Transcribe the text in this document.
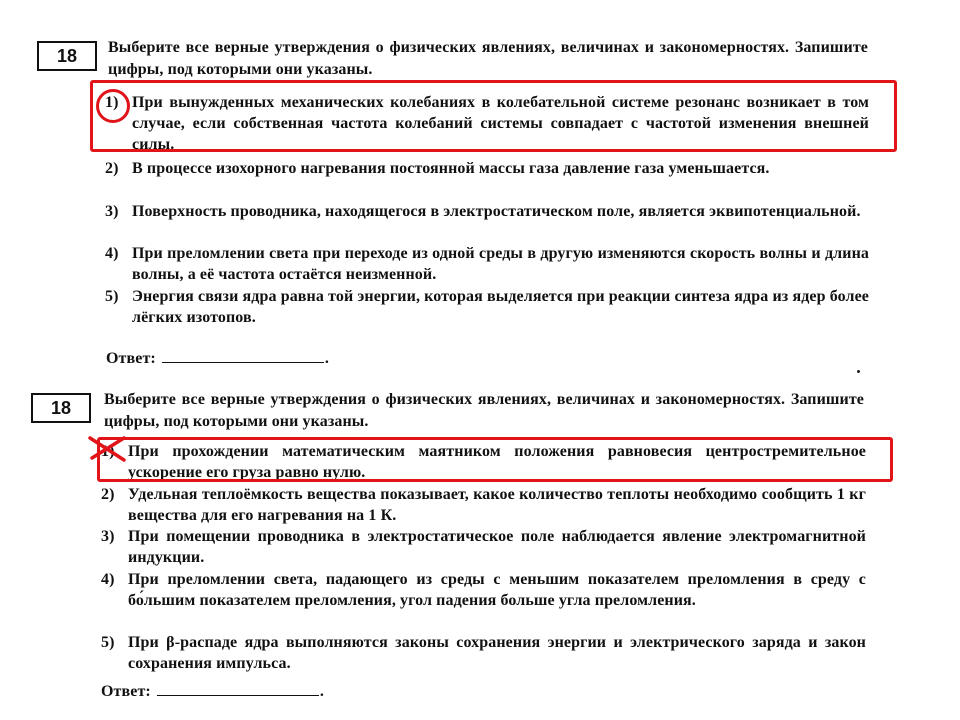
18	Выберите все верные утверждения о физических явлениях, величинах и закономерностях. Запишите цифры, под которыми они указаны.
1) При вынужденных механических колебаниях в колебательной системе резонанс возникает в том случае, если собственная частота колебаний системы совпадает с частотой изменения внешней силы.
2) В процессе изохорного нагревания постоянной массы газа давление газа уменьшается.
3) Поверхность проводника, находящегося в электростатическом поле, является эквипотенциальной.
4) При преломлении света при переходе из одной среды в другую изменяются скорость волны и длина волны, а её частота остаётся неизменной.
5) Энергия связи ядра равна той энергии, которая выделяется при реакции синтеза ядра из ядер более лёгких изотопов.
Ответ:	.
18	Выберите все верные утверждения о физических явлениях, величинах и закономерностях. Запишите цифры, под которыми они указаны.
1) При прохождении математическим маятником положения равновесия центростремительное ускорение его груза равно нулю.
2) Удельная теплоёмкость вещества показывает, какое количество теплоты необходимо сообщить 1 кг вещества для его нагревания на 1 К.
3) При помещении проводника в электростатическое поле наблюдается явление электромагнитной индукции.
4) При преломлении света, падающего из среды с меньшим показателем преломления в среду с бо́льшим показателем преломления, угол падения больше угла преломления.
5) При β-распаде ядра выполняются законы сохранения энергии и электрического заряда и закон сохранения импульса.
Ответ:	.
